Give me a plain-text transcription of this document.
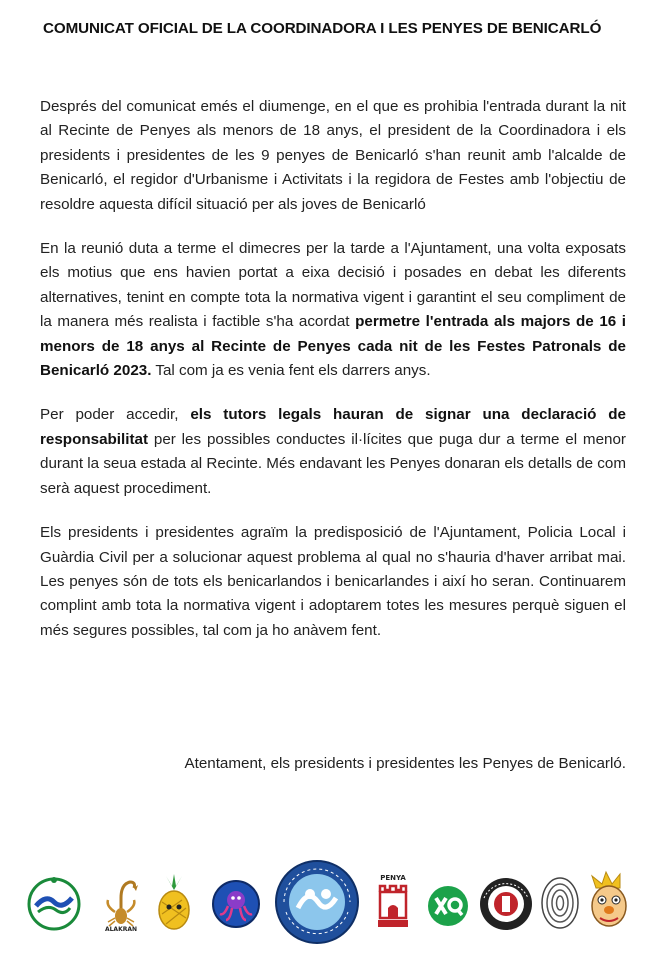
COMUNICAT OFICIAL DE LA COORDINADORA I LES PENYES DE BENICARLÓ

Després del comunicat emés el diumenge, en el que es prohibia l'entrada durant la nit al Recinte de Penyes als menors de 18 anys, el president de la Coordinadora i els presidents i presidentes de les 9 penyes de Benicarló s'han reunit amb l'alcalde de Benicarló, el regidor d'Urbanisme i Activitats i la regidora de Festes amb l'objectiu de resoldre aquesta difícil situació per als joves de Benicarló

En la reunió duta a terme el dimecres per la tarde a l'Ajuntament, una volta exposats els motius que ens havien portat a eixa decisió i posades en debat les diferents alternatives, tenint en compte tota la normativa vigent i garantint el seu compliment de la manera més realista i factible s'ha acordat permetre l'entrada als majors de 16 i menors de 18 anys al Recinte de Penyes cada nit de les Festes Patronals de Benicarló 2023. Tal com ja es venia fent els darrers anys.

Per poder accedir, els tutors legals hauran de signar una declaració de responsabilitat per les possibles conductes il·lícites que puga dur a terme el menor durant la seua estada al Recinte. Més endavant les Penyes donaran els detalls de com serà aquest procediment.

Els presidents i presidentes agraïm la predisposició de l'Ajuntament, Policia Local i Guàrdia Civil per a solucionar aquest problema al qual no s'hauria d'haver arribat mai. Les penyes són de tots els benicarlandos i benicarlandes i així ho seran. Continuarem complint amb tota la normativa vigent i adoptarem totes les mesures perquè siguen el més segures possibles, tal com ja ho anàvem fent.

Atentament, els presidents i presidentes les Penyes de Benicarló.
ALAKRAN
PENYA
